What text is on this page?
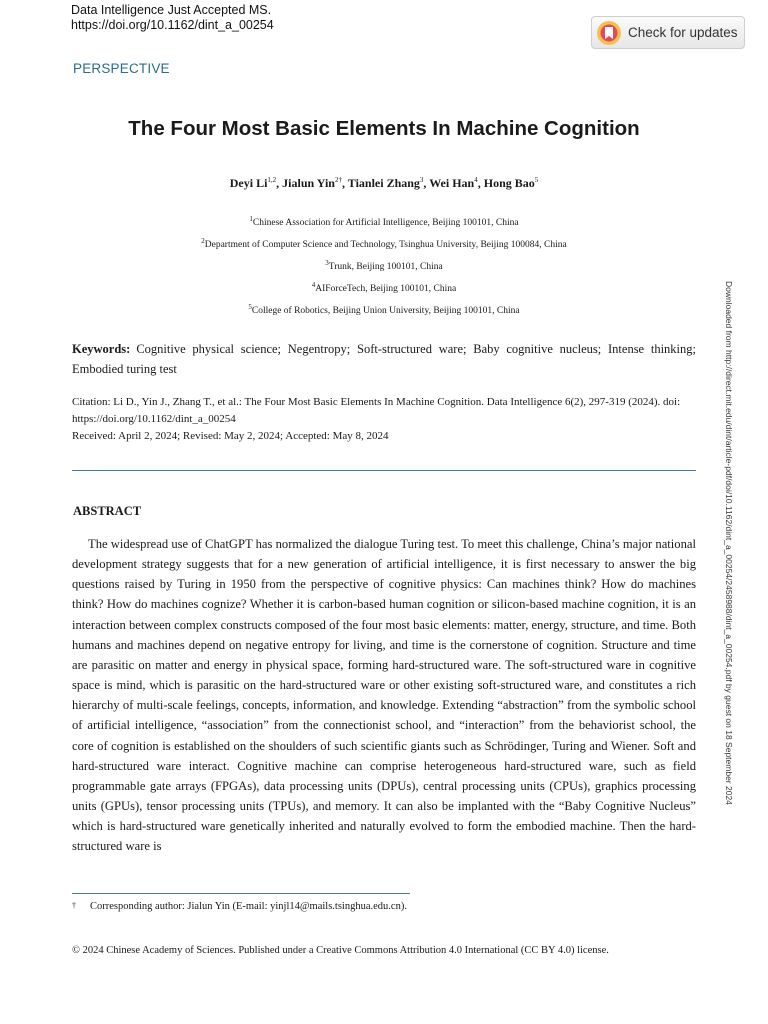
Data Intelligence Just Accepted MS.
https://doi.org/10.1162/dint_a_00254	Check for updates
PERSPECTIVE
The Four Most Basic Elements In Machine Cognition
Deyi Li$^{1,2}$, Jialun Yin$^{2\dagger}$, Tianlei Zhang$^3$, Wei Han$^4$, Hong Bao$^5$
$^1$Chinese Association for Artificial Intelligence, Beijing 100101, China
$^2$Department of Computer Science and Technology, Tsinghua University, Beijing 100084, China
$^3$Trunk, Beijing 100101, China
$^4$AIForceTech, Beijing 100101, China
$^5$College of Robotics, Beijing Union University, Beijing 100101, China	Downloaded from http://direct.mit.edu/dint/article-pdf/doi/10.1162/dint_a_00254/2458988/dint_a_00254.pdf by guest on 18 September 2024
Keywords: Cognitive physical science; Negentropy; Soft-structured ware; Baby cognitive nucleus; Intense thinking; Embodied turing test
Citation: Li D., Yin J., Zhang T., et al.: The Four Most Basic Elements In Machine Cognition. Data Intelligence 6(2), 297-319 (2024). doi: https://doi.org/10.1162/dint_a_00254
Received: April 2, 2024; Revised: May 2, 2024; Accepted: May 8, 2024
ABSTRACT
The widespread use of ChatGPT has normalized the dialogue Turing test. To meet this challenge, China’s major national development strategy suggests that for a new generation of artificial intelligence, it is first necessary to answer the big questions raised by Turing in 1950 from the perspective of cognitive physics: Can machines think? How do machines think? How do machines cognize? Whether it is carbon-based human cognition or silicon-based machine cognition, it is an interaction between complex constructs composed of the four most basic elements: matter, energy, structure, and time. Both humans and machines depend on negative entropy for living, and time is the cornerstone of cognition. Structure and time are parasitic on matter and energy in physical space, forming hard-structured ware. The soft-structured ware in cognitive space is mind, which is parasitic on the hard-structured ware or other existing soft-structured ware, and constitutes a rich hierarchy of multi-scale feelings, concepts, information, and knowledge. Extending “abstraction” from the symbolic school of artificial intelligence, “association” from the connectionist school, and “interaction” from the behaviorist school, the core of cognition is established on the shoulders of such scientific giants such as Schrödinger, Turing and Wiener. Soft and hard-structured ware interact. Cognitive machine can comprise heterogeneous hard-structured ware, such as field programmable gate arrays (FPGAs), data processing units (DPUs), central processing units (CPUs), graphics processing units (GPUs), tensor processing units (TPUs), and memory. It can also be implanted with the “Baby Cognitive Nucleus” which is hard-structured ware genetically inherited and naturally evolved to form the embodied machine. Then the hard-structured ware is
† Corresponding author: Jialun Yin (E-mail: yinjl14@mails.tsinghua.edu.cn).
© 2024 Chinese Academy of Sciences. Published under a Creative Commons Attribution 4.0 International (CC BY 4.0) license.
